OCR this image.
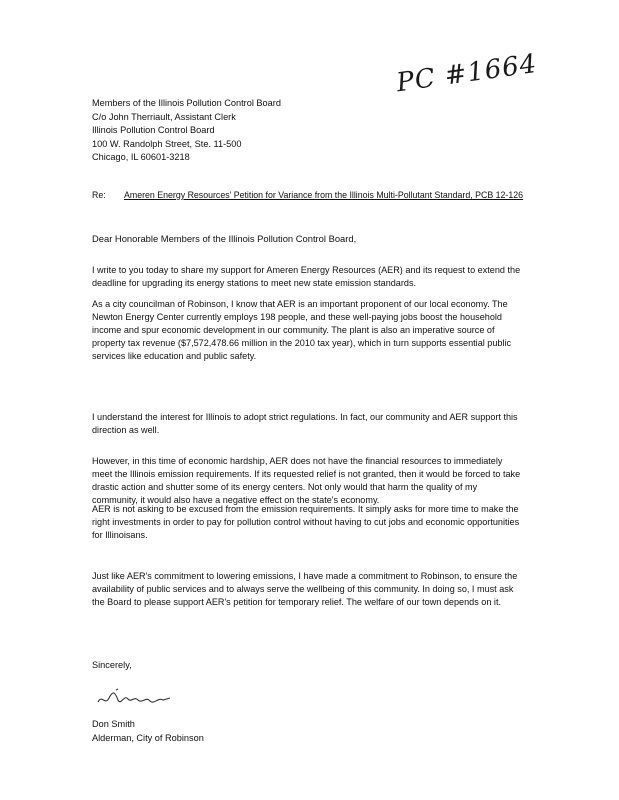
PC #1664
Members of the Illinois Pollution Control Board
C/o John Therriault, Assistant Clerk
Illinois Pollution Control Board
100 W. Randolph Street, Ste. 11-500
Chicago, IL 60601-3218
Re: Ameren Energy Resources' Petition for Variance from the Illinois Multi-Pollutant Standard, PCB 12-126
Dear Honorable Members of the Illinois Pollution Control Board,
I write to you today to share my support for Ameren Energy Resources (AER) and its request to extend the deadline for upgrading its energy stations to meet new state emission standards.
As a city councilman of Robinson, I know that AER is an important proponent of our local economy. The Newton Energy Center currently employs 198 people, and these well-paying jobs boost the household income and spur economic development in our community. The plant is also an imperative source of property tax revenue ($7,572,478.66 million in the 2010 tax year), which in turn supports essential public services like education and public safety.
I understand the interest for Illinois to adopt strict regulations. In fact, our community and AER support this direction as well.
However, in this time of economic hardship, AER does not have the financial resources to immediately meet the Illinois emission requirements. If its requested relief is not granted, then it would be forced to take drastic action and shutter some of its energy centers. Not only would that harm the quality of my community, it would also have a negative effect on the state's economy.
AER is not asking to be excused from the emission requirements. It simply asks for more time to make the right investments in order to pay for pollution control without having to cut jobs and economic opportunities for Illinoisans.
Just like AER's commitment to lowering emissions, I have made a commitment to Robinson, to ensure the availability of public services and to always serve the wellbeing of this community. In doing so, I must ask the Board to please support AER's petition for temporary relief. The welfare of our town depends on it.
Sincerely,
Don Smith
Alderman, City of Robinson
